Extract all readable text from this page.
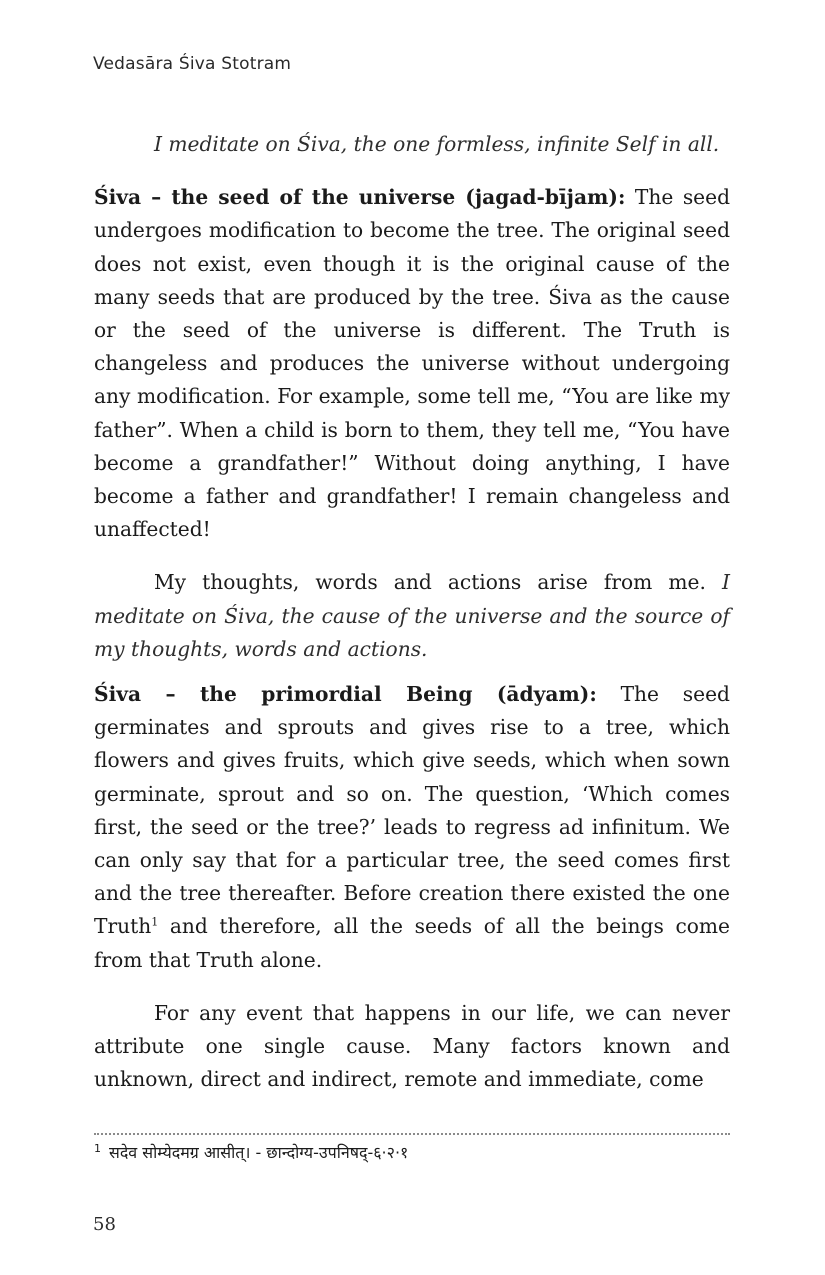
Vedasāra Śiva Stotram

I meditate on Śiva, the one formless, infinite Self in all.

Śiva – the seed of the universe (jagad-bījam): The seed undergoes modification to become the tree. The original seed does not exist, even though it is the original cause of the many seeds that are produced by the tree. Śiva as the cause or the seed of the universe is different. The Truth is changeless and produces the universe without undergoing any modification. For example, some tell me, “You are like my father”. When a child is born to them, they tell me, “You have become a grandfather!” Without doing anything, I have become a father and grandfather! I remain changeless and unaffected!

My thoughts, words and actions arise from me. I meditate on Śiva, the cause of the universe and the source of my thoughts, words and actions.

Śiva – the primordial Being (ādyam): The seed germinates and sprouts and gives rise to a tree, which flowers and gives fruits, which give seeds, which when sown germinate, sprout and so on. The question, ‘Which comes first, the seed or the tree?’ leads to regress ad infinitum. We can only say that for a particular tree, the seed comes first and the tree thereafter. Before creation there existed the one Truth$^1$ and therefore, all the seeds of all the beings come from that Truth alone.

For any event that happens in our life, we can never attribute one single cause. Many factors known and unknown, direct and indirect, remote and immediate, come

$^1$ सदेव सोम्येदमग्र आसीत्। - छान्दोग्य-उपनिषद्-६·२·१
58
